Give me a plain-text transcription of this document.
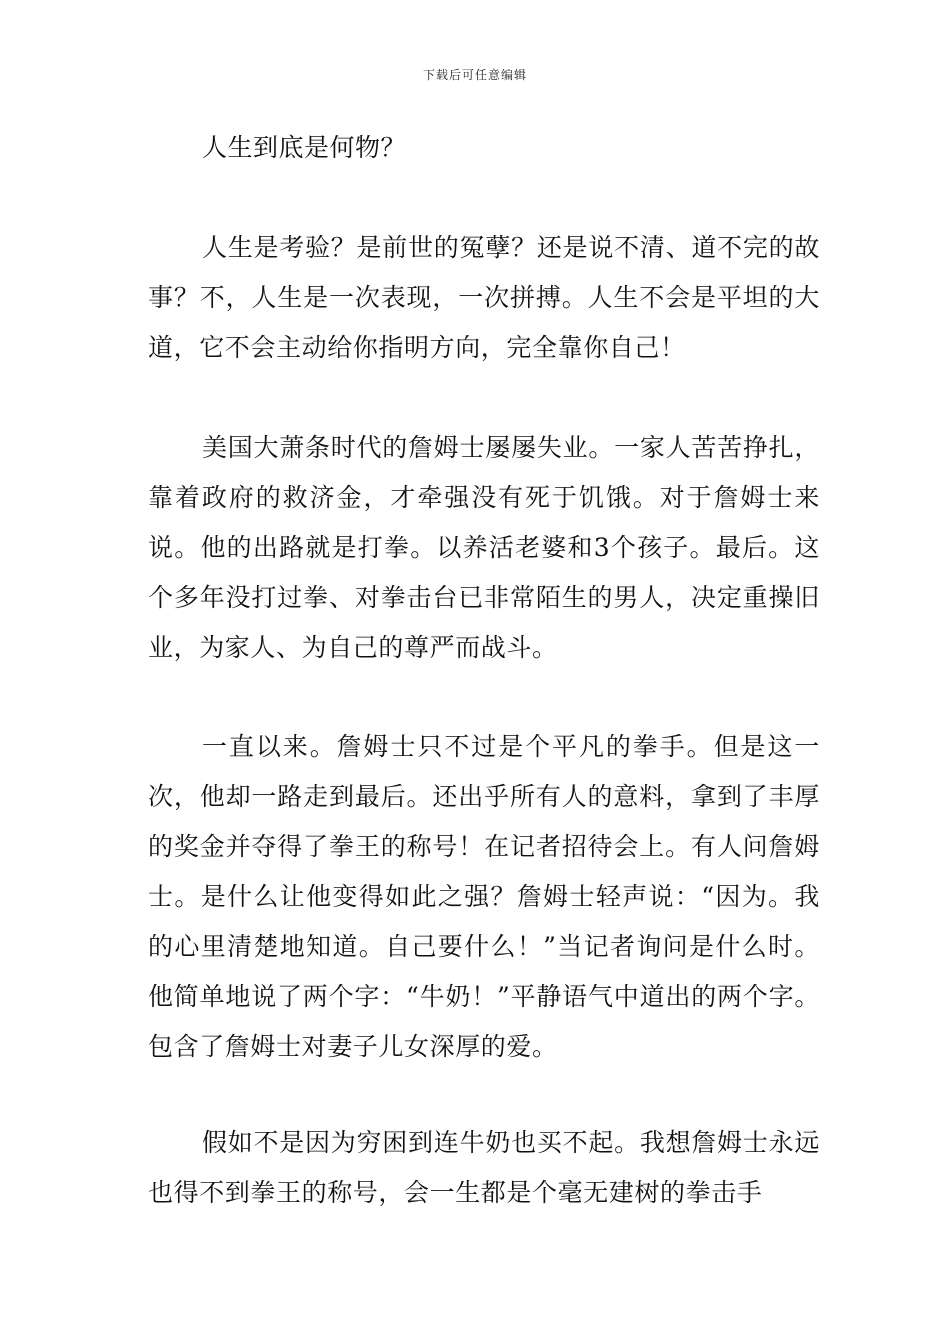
下载后可任意编辑
人生到底是何物？

人生是考验？是前世的冤孽？还是说不清、道不完的故事？不，人生是一次表现，一次拼搏。人生不会是平坦的大道，它不会主动给你指明方向，完全靠你自己！

美国大萧条时代的詹姆士屡屡失业。一家人苦苦挣扎，靠着政府的救济金，才牵强没有死于饥饿。对于詹姆士来说。他的出路就是打拳。以养活老婆和3个孩子。最后。这个多年没打过拳、对拳击台已非常陌生的男人，决定重操旧业，为家人、为自己的尊严而战斗。

一直以来。詹姆士只不过是个平凡的拳手。但是这一次，他却一路走到最后。还出乎所有人的意料，拿到了丰厚的奖金并夺得了拳王的称号！在记者招待会上。有人问詹姆士。是什么让他变得如此之强？詹姆士轻声说：“因为。我的心里清楚地知道。自己要什么！”当记者询问是什么时。他简单地说了两个字：“牛奶！”平静语气中道出的两个字。包含了詹姆士对妻子儿女深厚的爱。

假如不是因为穷困到连牛奶也买不起。我想詹姆士永远也得不到拳王的称号，会一生都是个毫无建树的拳击手
